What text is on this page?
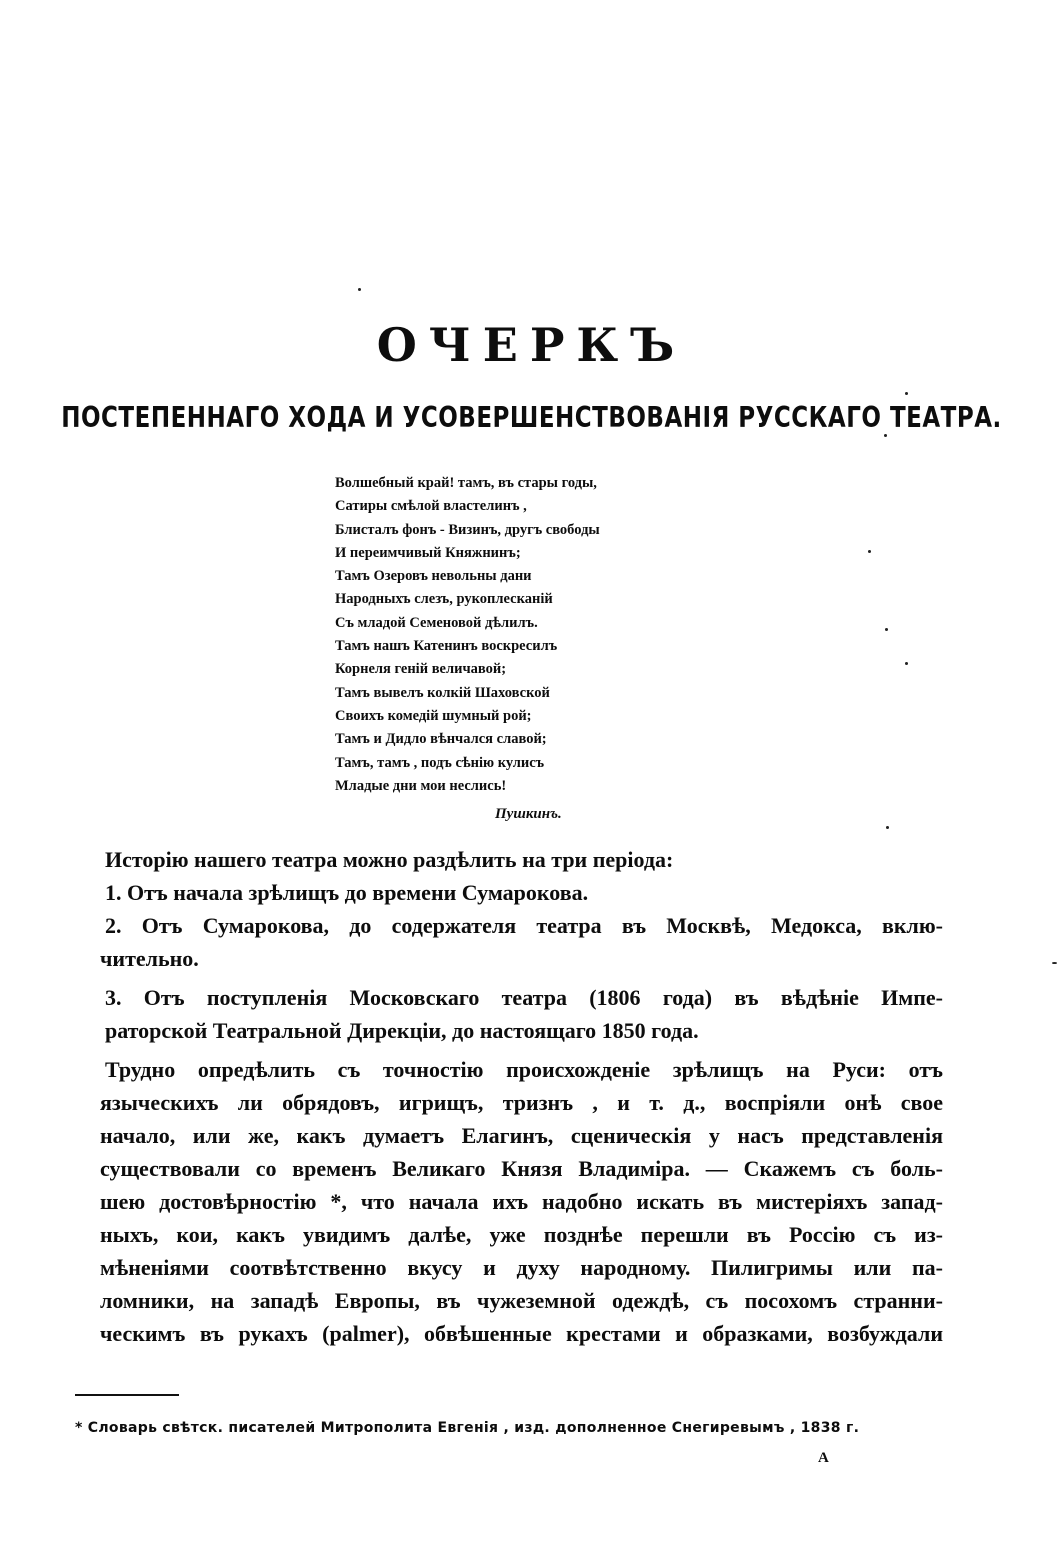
ОЧЕРКЪ
ПОСТЕПЕННАГО ХОДА И УСОВЕРШЕНСТВОВАНІЯ РУССКАГО ТЕАТРА.
Волшебный край! тамъ, въ стары годы,
Сатиры смѣлой властелинъ ,
Блисталъ фонъ - Визинъ, другъ свободы
И переимчивый Княжнинъ;
Тамъ Озеровъ невольны дани
Народныхъ слезъ, рукоплесканій
Съ младой Семеновой дѣлилъ.
Тамъ нашъ Катенинъ воскресилъ
Корнеля геній величавой;
Тамъ вывелъ колкій Шаховской
Своихъ комедій шумный рой;
Тамъ и Дидло вѣнчался славой;
Тамъ, тамъ , подъ сѣнію кулисъ
Младые дни мои неслись!
Пушкинъ.
Исторію нашего театра можно раздѣлить на три періода:
1. Отъ начала зрѣлищъ до времени Сумарокова.
2. Отъ Сумарокова, до содержателя театра въ Москвѣ, Медокса, вклю-
чительно.
3. Отъ поступленія Московскаго театра (1806 года) въ вѣдѣніе Импе-
раторской Театральной Дирекціи, до настоящаго 1850 года.
Трудно опредѣлить съ точностію происхожденіе зрѣлищъ на Руси: отъ
языческихъ ли обрядовъ, игрищъ, тризнъ , и т. д., воспріяли онѣ свое
начало, или же, какъ думаетъ Елагинъ, сценическія у насъ представленія
существовали со временъ Великаго Князя Владиміра. — Скажемъ съ боль-
шею достовѣрностію *, что начала ихъ надобно искать въ мистеріяхъ запад-
ныхъ, кои, какъ увидимъ далѣе, уже позднѣе перешли въ Россію съ из-
мѣненіями соотвѣтственно вкусу и духу народному. Пилигримы или па-
ломники, на западѣ Европы, въ чужеземной одеждѣ, съ посохомъ странни-
ческимъ въ рукахъ (palmer), обвѣшенные крестами и образками, возбуждали
* Словарь свѣтск. писателей Митрополита Евгенія , изд. дополненное Снегиревымъ , 1838 г.
А
